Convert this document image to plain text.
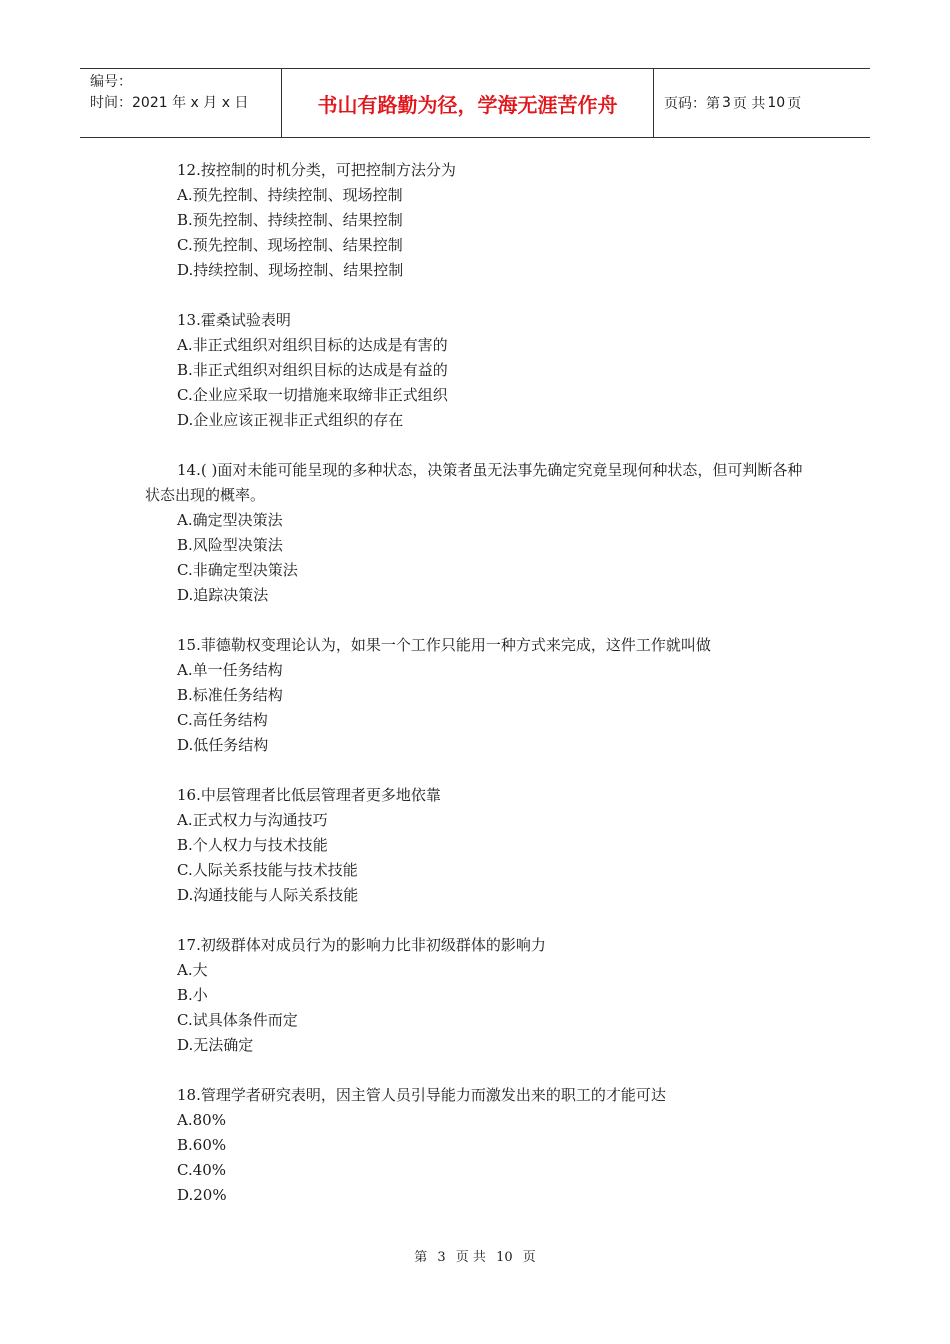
编号：
时间：2021 年 x 月 x 日	书山有路勤为径，学海无涯苦作舟	页码：第 3 页 共 10 页
12.按控制的时机分类，可把控制方法分为
A.预先控制、持续控制、现场控制
B.预先控制、持续控制、结果控制
C.预先控制、现场控制、结果控制
D.持续控制、现场控制、结果控制
13.霍桑试验表明
A.非正式组织对组织目标的达成是有害的
B.非正式组织对组织目标的达成是有益的
C.企业应采取一切措施来取缔非正式组织
D.企业应该正视非正式组织的存在
14.( )面对未能可能呈现的多种状态，决策者虽无法事先确定究竟呈现何种状态，但可判断各种状态出现的概率。
A.确定型决策法
B.风险型决策法
C.非确定型决策法
D.追踪决策法
15.菲德勒权变理论认为，如果一个工作只能用一种方式来完成，这件工作就叫做
A.单一任务结构
B.标准任务结构
C.高任务结构
D.低任务结构
16.中层管理者比低层管理者更多地依靠
A.正式权力与沟通技巧
B.个人权力与技术技能
C.人际关系技能与技术技能
D.沟通技能与人际关系技能
17.初级群体对成员行为的影响力比非初级群体的影响力
A.大
B.小
C.试具体条件而定
D.无法确定
18.管理学者研究表明，因主管人员引导能力而激发出来的职工的才能可达
A.80%
B.60%
C.40%
D.20%
第 3 页 共 10 页
